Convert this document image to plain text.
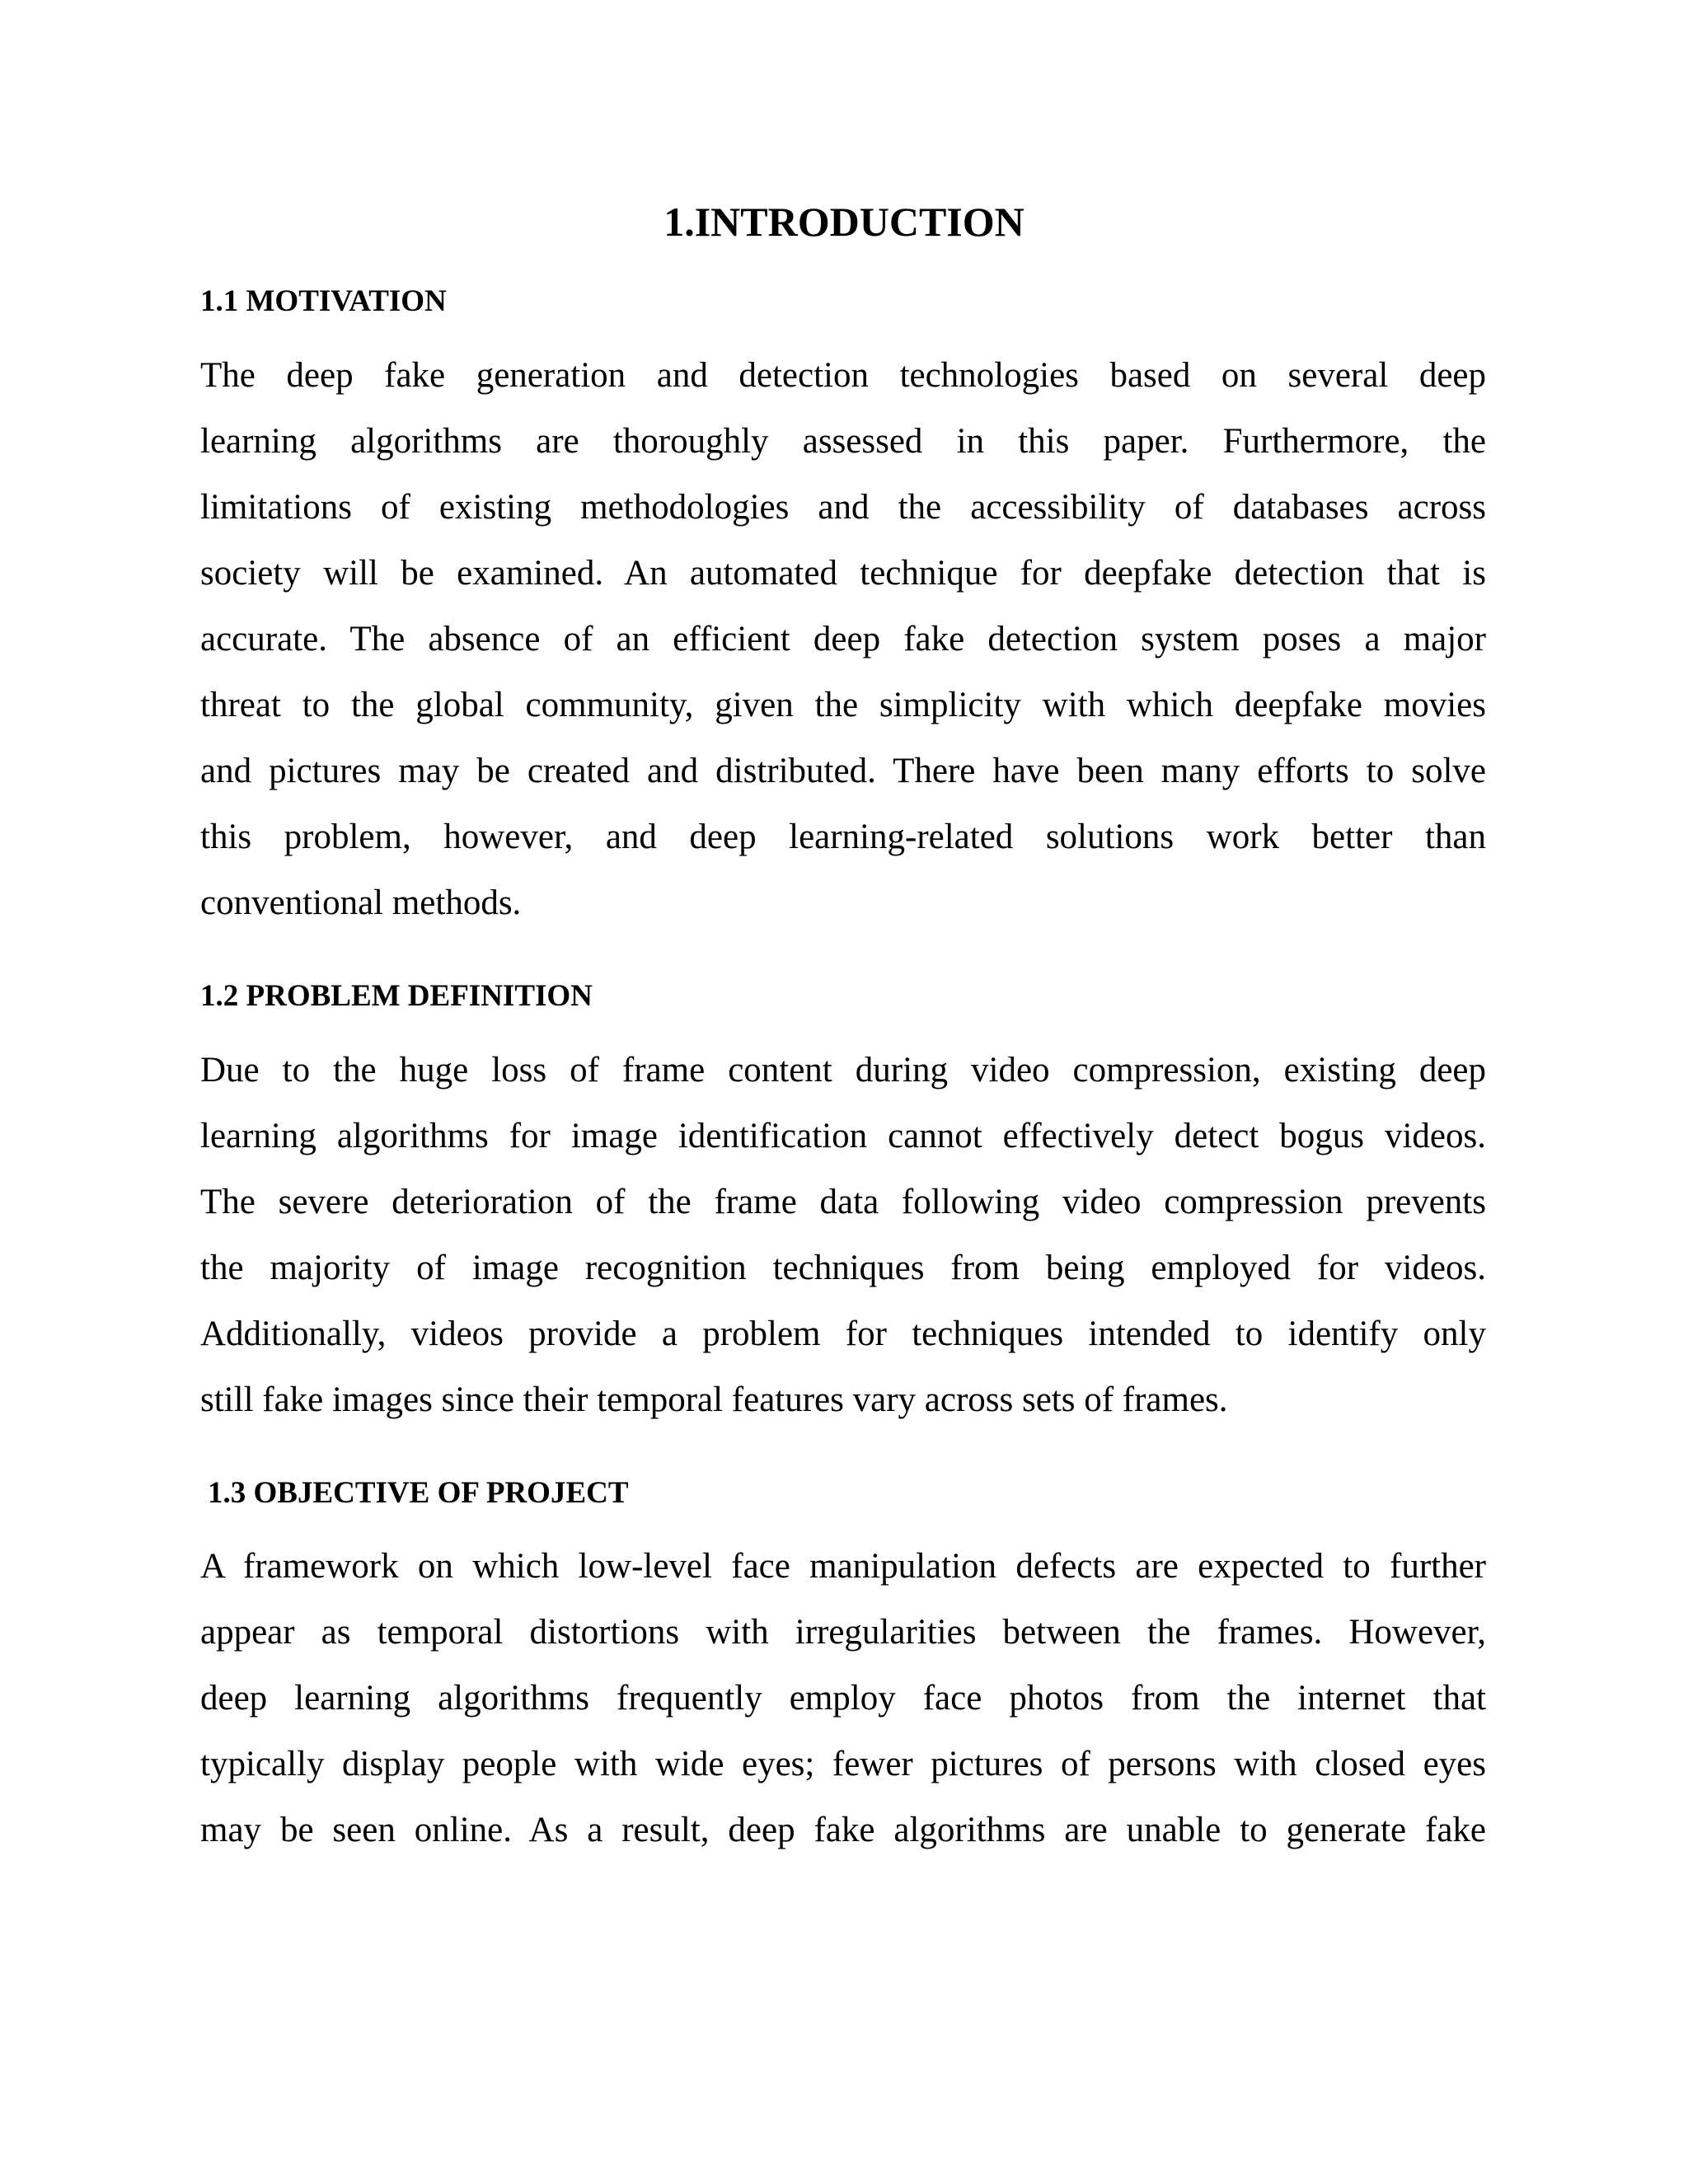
1.INTRODUCTION
1.1 MOTIVATION

The deep fake generation and detection technologies based on several deep

learning algorithms are thoroughly assessed in this paper. Furthermore, the

limitations of existing methodologies and the accessibility of databases across

society will be examined. An automated technique for deepfake detection that is

accurate. The absence of an efficient deep fake detection system poses a major

threat to the global community, given the simplicity with which deepfake movies

and pictures may be created and distributed. There have been many efforts to solve

this problem, however, and deep learning-related solutions work better than

conventional methods.

1.2 PROBLEM DEFINITION

Due to the huge loss of frame content during video compression, existing deep

learning algorithms for image identification cannot effectively detect bogus videos.

The severe deterioration of the frame data following video compression prevents

the majority of image recognition techniques from being employed for videos.

Additionally, videos provide a problem for techniques intended to identify only

still fake images since their temporal features vary across sets of frames.

1.3 OBJECTIVE OF PROJECT

A framework on which low-level face manipulation defects are expected to further

appear as temporal distortions with irregularities between the frames. However,

deep learning algorithms frequently employ face photos from the internet that

typically display people with wide eyes; fewer pictures of persons with closed eyes

may be seen online. As a result, deep fake algorithms are unable to generate fake
